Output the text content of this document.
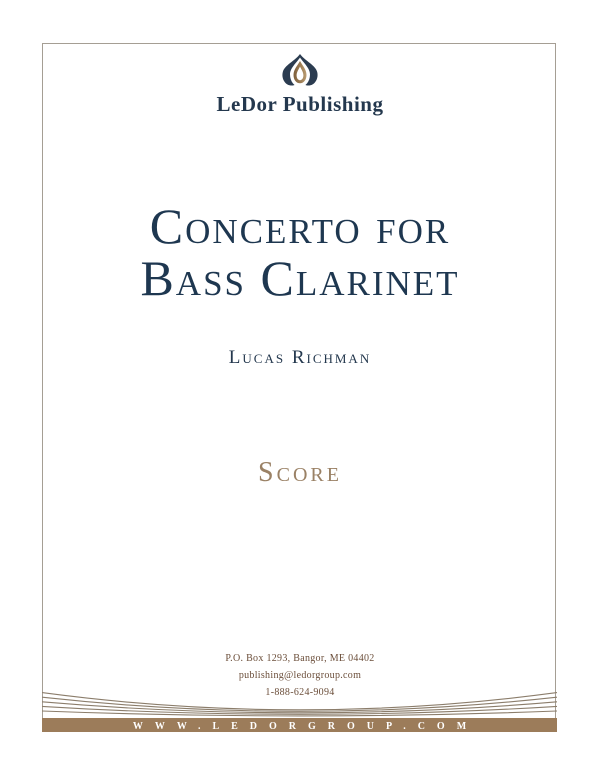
LeDor Publishing
Concerto for
Bass Clarinet
Lucas Richman
Score
P.O. Box 1293, Bangor, ME 04402
publishing@ledorgroup.com
1-888-624-9094
WWW.LEDORGROUP.COM
